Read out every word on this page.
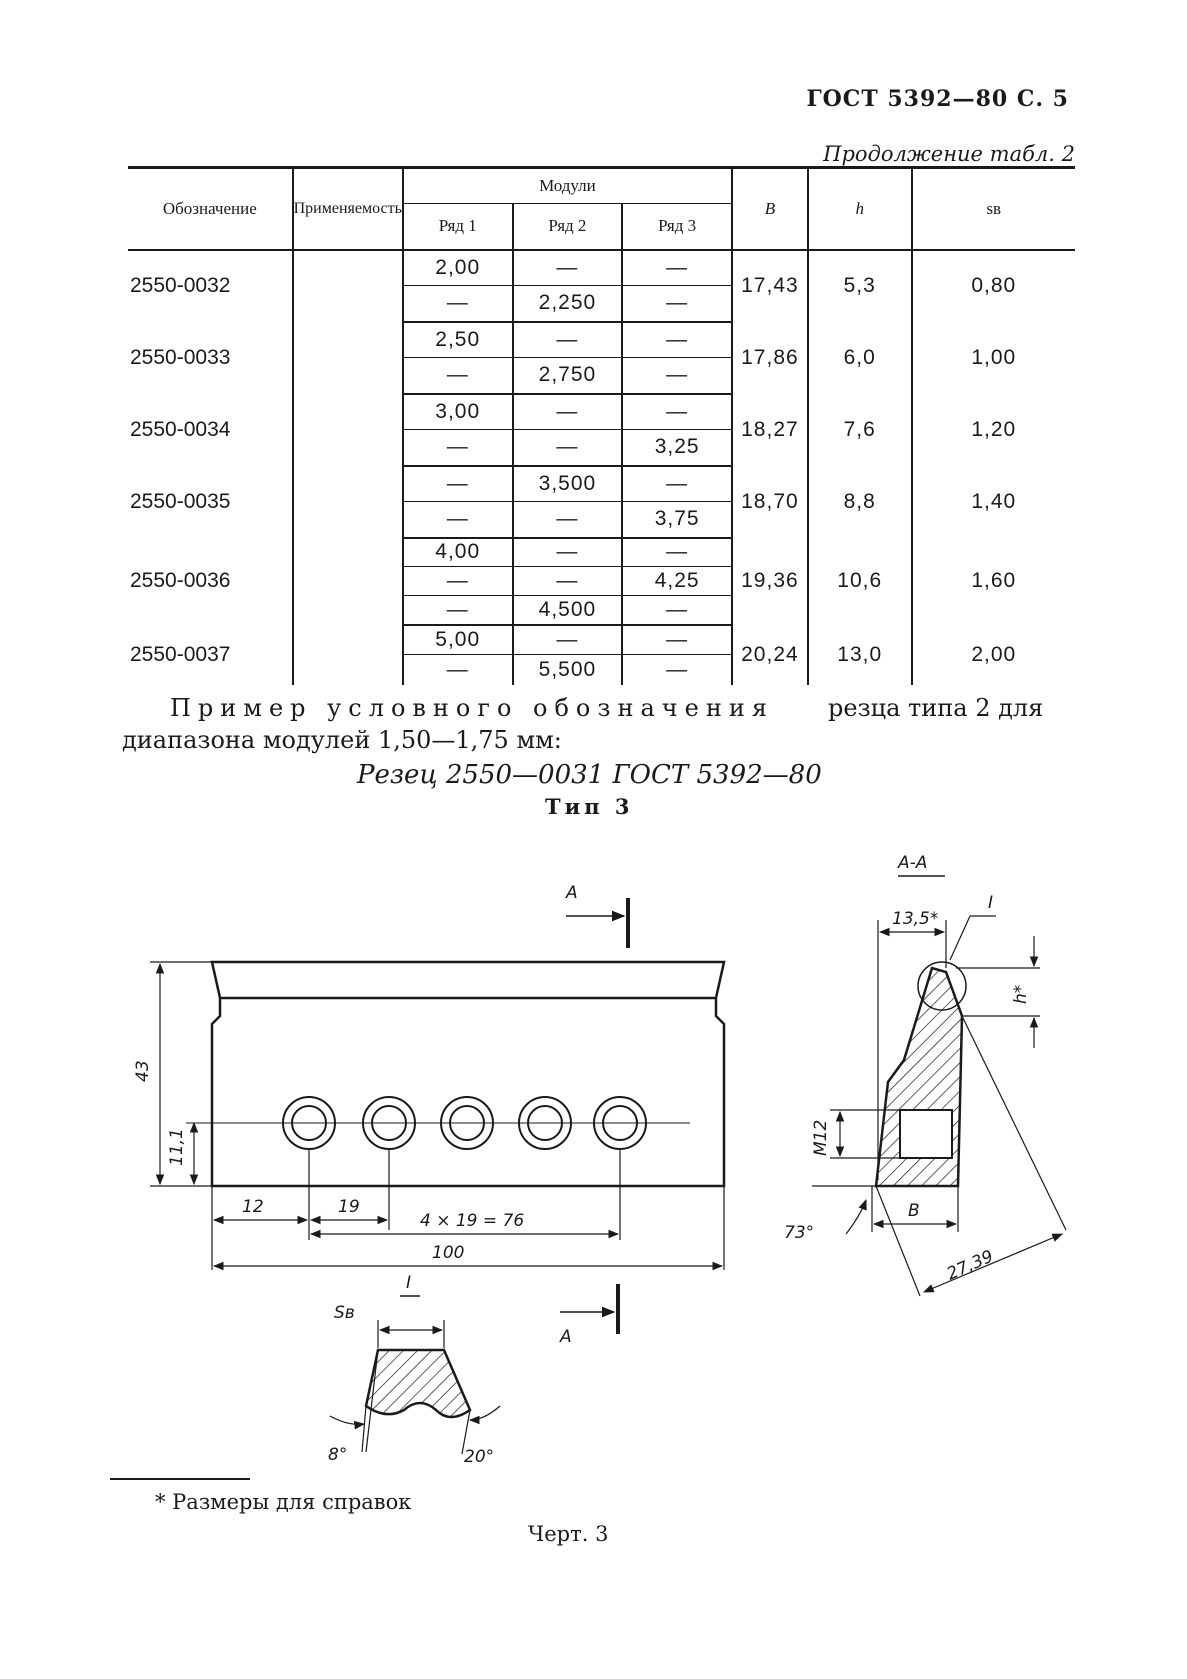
ГОСТ 5392—80 С. 5
Продолжение табл. 2
Обозначение	Применяемость	Модули			B	h	sв
		Ряд 1	Ряд 2	Ряд 3			
2550-0032		2,00	—	—	17,43	5,3	0,80
		—	2,250	—			
2550-0033		2,50	—	—	17,86	6,0	1,00
		—	2,750	—			
2550-0034		3,00	—	—	18,27	7,6	1,20
		—	—	3,25			
2550-0035		—	3,500	—	18,70	8,8	1,40
		—	—	3,75			
2550-0036		4,00	—	—	19,36	10,6	1,60
		—	—	4,25			
		—	4,500	—			
2550-0037		5,00	—	—	20,24	13,0	2,00
		—	5,500	—			
Пример условного обозначения резца типа 2 для
диапазона модулей 1,50—1,75 мм:
Резец 2550—0031 ГОСТ 5392—80
Тип 3
А
А
43
11,1
12	19
4 × 19 = 76
100
А-А
13,5*
I
h*
M12
73°
B
27,39
Sв
I
8°	20°
* Размеры для справок
Черт. 3
